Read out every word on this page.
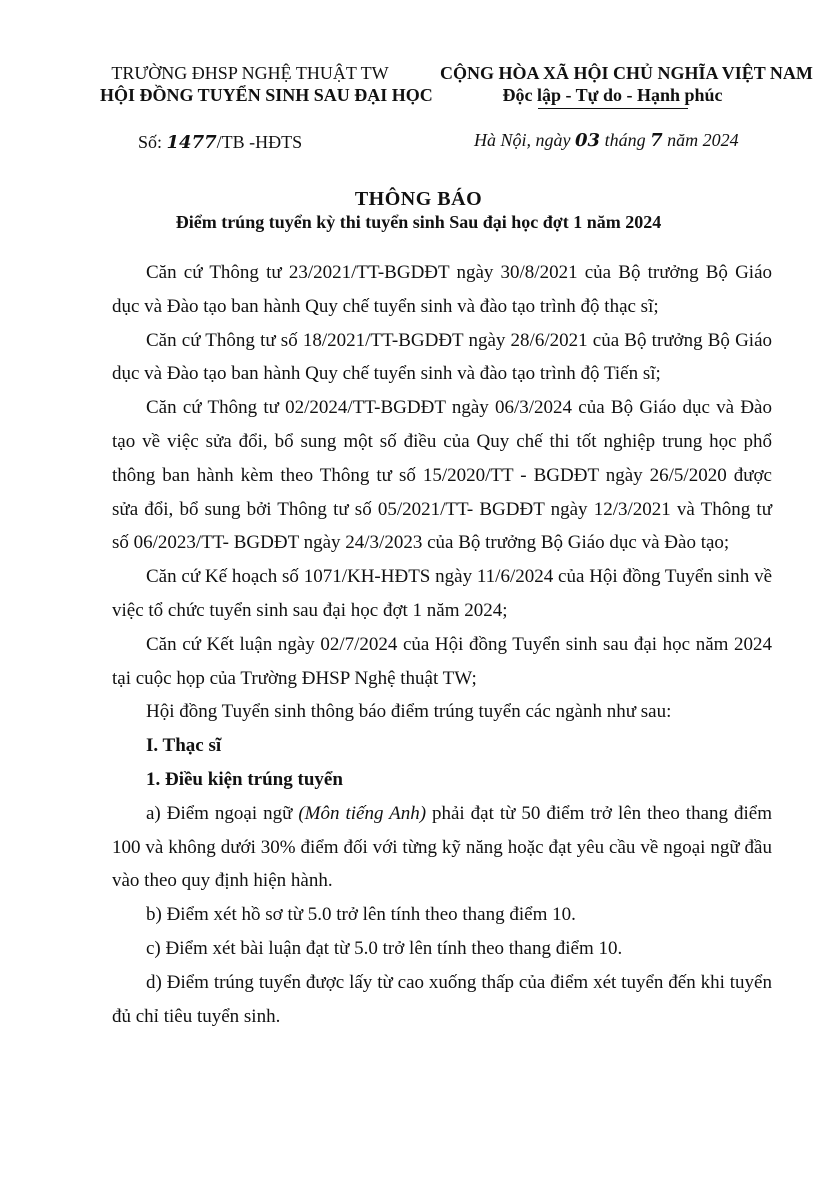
TRƯỜNG ĐHSP NGHỆ THUẬT TW
HỘI ĐỒNG TUYỂN SINH SAU ĐẠI HỌC
CỘNG HÒA XÃ HỘI CHỦ NGHĨA VIỆT NAM
Độc lập - Tự do - Hạnh phúc
Số: 1477/TB -HĐTS	Hà Nội, ngày 03 tháng 7 năm 2024
THÔNG BÁO
Điểm trúng tuyển kỳ thi tuyển sinh Sau đại học đợt 1 năm 2024

Căn cứ Thông tư 23/2021/TT-BGDĐT ngày 30/8/2021 của Bộ trưởng Bộ Giáo dục và Đào tạo ban hành Quy chế tuyển sinh và đào tạo trình độ thạc sĩ;

Căn cứ Thông tư số 18/2021/TT-BGDĐT ngày 28/6/2021 của Bộ trưởng Bộ Giáo dục và Đào tạo ban hành Quy chế tuyển sinh và đào tạo trình độ Tiến sĩ;

Căn cứ Thông tư 02/2024/TT-BGDĐT ngày 06/3/2024 của Bộ Giáo dục và Đào tạo về việc sửa đổi, bổ sung một số điều của Quy chế thi tốt nghiệp trung học phổ thông ban hành kèm theo Thông tư số 15/2020/TT - BGDĐT ngày 26/5/2020 được sửa đổi, bổ sung bởi Thông tư số 05/2021/TT- BGDĐT ngày 12/3/2021 và Thông tư số 06/2023/TT- BGDĐT ngày 24/3/2023 của Bộ trưởng Bộ Giáo dục và Đào tạo;

Căn cứ Kế hoạch số 1071/KH-HĐTS ngày 11/6/2024 của Hội đồng Tuyển sinh về việc tổ chức tuyển sinh sau đại học đợt 1 năm 2024;

Căn cứ Kết luận ngày 02/7/2024 của Hội đồng Tuyển sinh sau đại học năm 2024 tại cuộc họp của Trường ĐHSP Nghệ thuật TW;

Hội đồng Tuyển sinh thông báo điểm trúng tuyển các ngành như sau:

I. Thạc sĩ

1. Điều kiện trúng tuyển

a) Điểm ngoại ngữ (Môn tiếng Anh) phải đạt từ 50 điểm trở lên theo thang điểm 100 và không dưới 30% điểm đối với từng kỹ năng hoặc đạt yêu cầu về ngoại ngữ đầu vào theo quy định hiện hành.

b) Điểm xét hồ sơ từ 5.0 trở lên tính theo thang điểm 10.

c) Điểm xét bài luận đạt từ 5.0 trở lên tính theo thang điểm 10.

d) Điểm trúng tuyển được lấy từ cao xuống thấp của điểm xét tuyển đến khi tuyển đủ chỉ tiêu tuyển sinh.
